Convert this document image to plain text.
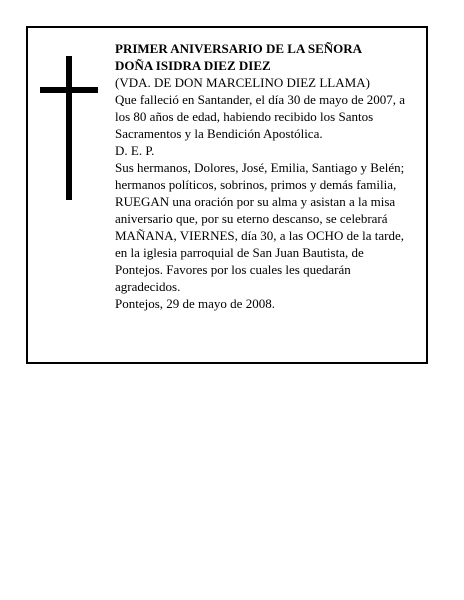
PRIMER ANIVERSARIO DE LA SEÑORA
DOÑA ISIDRA DIEZ DIEZ
(VDA. DE DON MARCELINO DIEZ LLAMA)
Que falleció en Santander, el día 30 de mayo de 2007, a
los 80 años de edad, habiendo recibido los Santos
Sacramentos y la Bendición Apostólica.
D. E. P.
Sus hermanos, Dolores, José, Emilia, Santiago y Belén;
hermanos políticos, sobrinos, primos y demás familia,
RUEGAN una oración por su alma y asistan a la misa
aniversario que, por su eterno descanso, se celebrará
MAÑANA, VIERNES, día 30, a las OCHO de la tarde,
en la iglesia parroquial de San Juan Bautista, de
Pontejos. Favores por los cuales les quedarán
agradecidos.
Pontejos, 29 de mayo de 2008.
